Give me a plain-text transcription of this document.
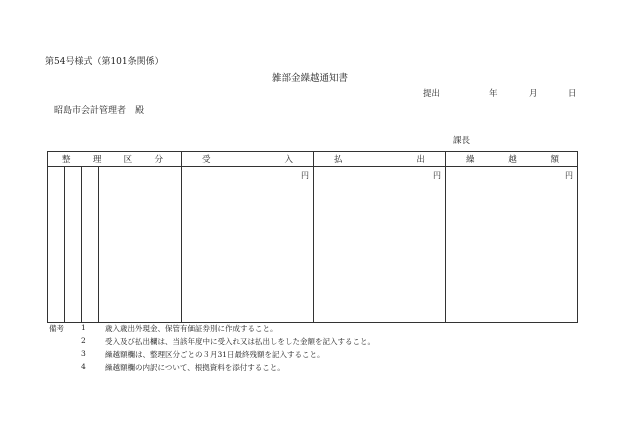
第54号様式（第101条関係）
雑部金繰越通知書
提出	年	月	日
昭島市会計管理者　殿
課長
整 理 区 分				受 入	払 出	繰 越 額

				円	円	円
備考	1	歳入歳出外現金、保管有価証券別に作成すること。
2	受入及び払出欄は、当該年度中に受入れ又は払出しをした金額を記入すること。
3	繰越額欄は、整理区分ごとの３月31日最終残額を記入すること。
4	繰越額欄の内訳について、根拠資料を添付すること。
